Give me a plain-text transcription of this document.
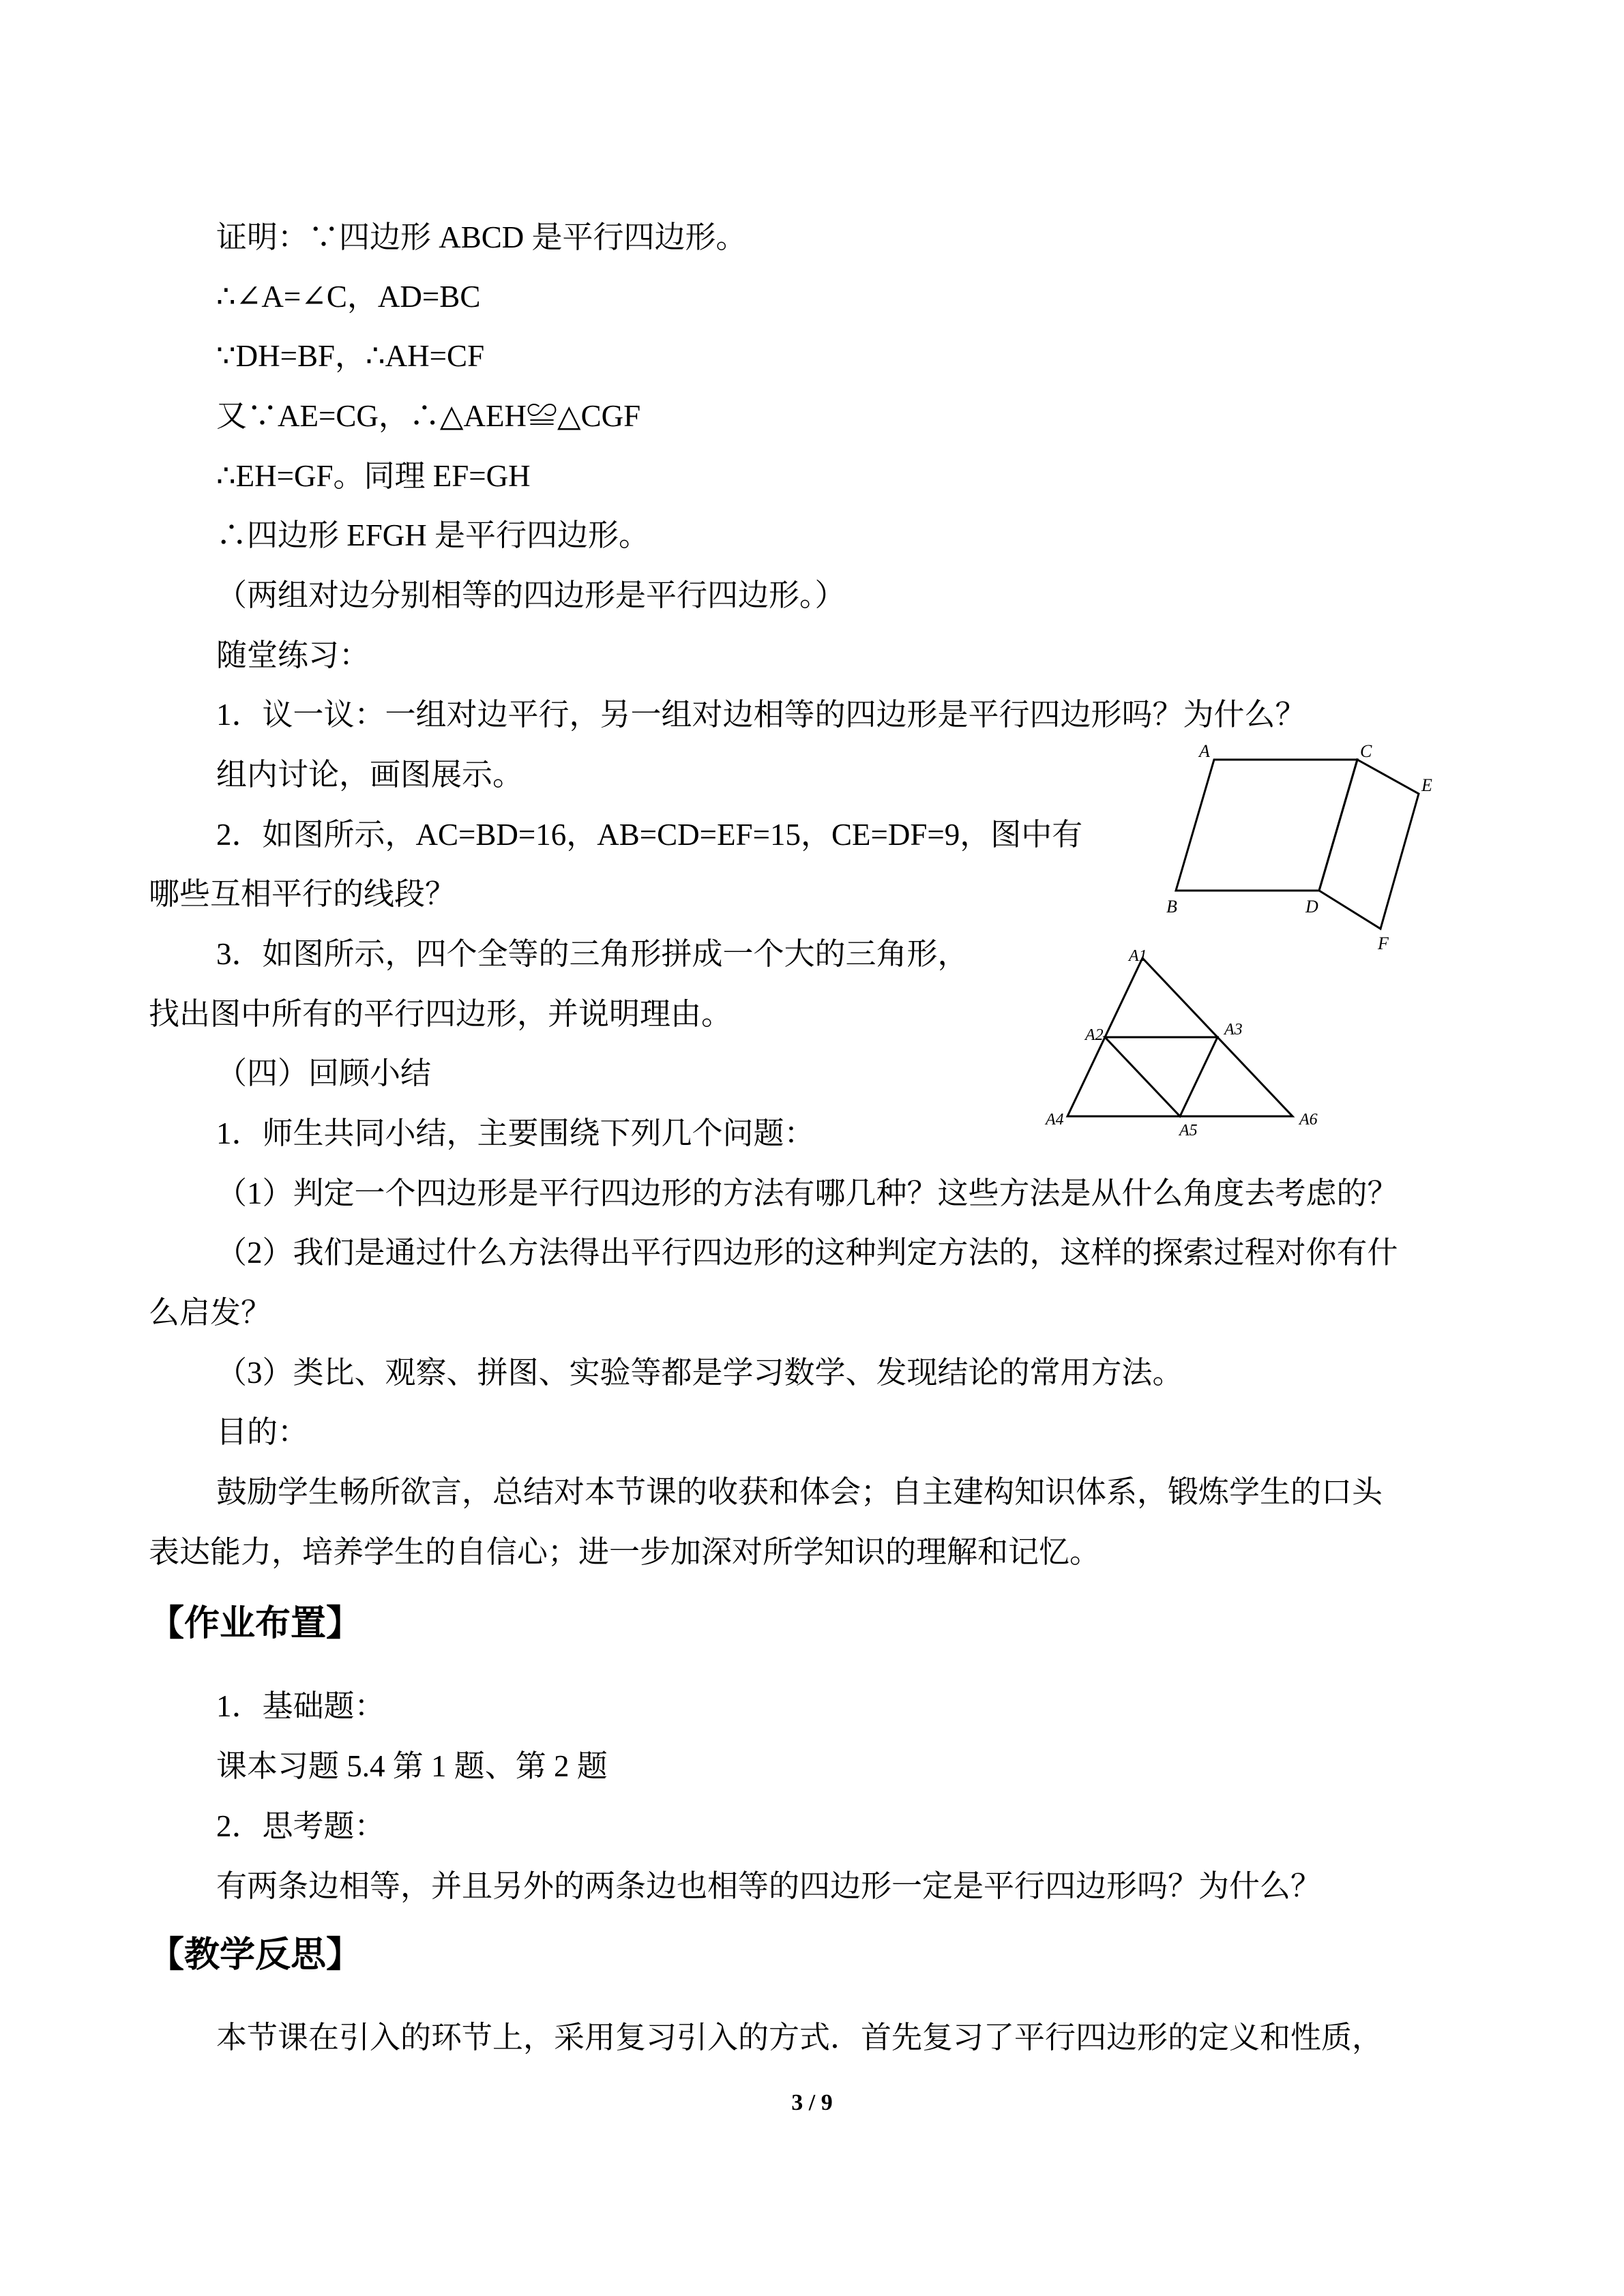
证明：∵四边形 ABCD 是平行四边形。
∴∠A=∠C，AD=BC
∵DH=BF，∴AH=CF
又∵AE=CG，∴△AEH≌△CGF
∴EH=GF。同理 EF=GH
∴四边形 EFGH 是平行四边形。
（两组对边分别相等的四边形是平行四边形。）
随堂练习：
1．议一议：一组对边平行，另一组对边相等的四边形是平行四边形吗？为什么？
组内讨论，画图展示。
2．如图所示，AC=BD=16，AB=CD=EF=15，CE=DF=9，图中有
哪些互相平行的线段？
3．如图所示，四个全等的三角形拼成一个大的三角形，
找出图中所有的平行四边形，并说明理由。
（四）回顾小结
1．师生共同小结，主要围绕下列几个问题：
（1）判定一个四边形是平行四边形的方法有哪几种？这些方法是从什么角度去考虑的？
（2）我们是通过什么方法得出平行四边形的这种判定方法的，这样的探索过程对你有什
么启发？
（3）类比、观察、拼图、实验等都是学习数学、发现结论的常用方法。
目的：
鼓励学生畅所欲言，总结对本节课的收获和体会；自主建构知识体系，锻炼学生的口头
表达能力，培养学生的自信心；进一步加深对所学知识的理解和记忆。
【作业布置】
1．基础题：
课本习题 5.4 第 1 题、第 2 题
2．思考题：
有两条边相等，并且另外的两条边也相等的四边形一定是平行四边形吗？为什么？
【教学反思】
本节课在引入的环节上，采用复习引入的方式．首先复习了平行四边形的定义和性质，
A	C
E
B	D
F
A1
A2	A3
A4
A5
A6
3 / 9
